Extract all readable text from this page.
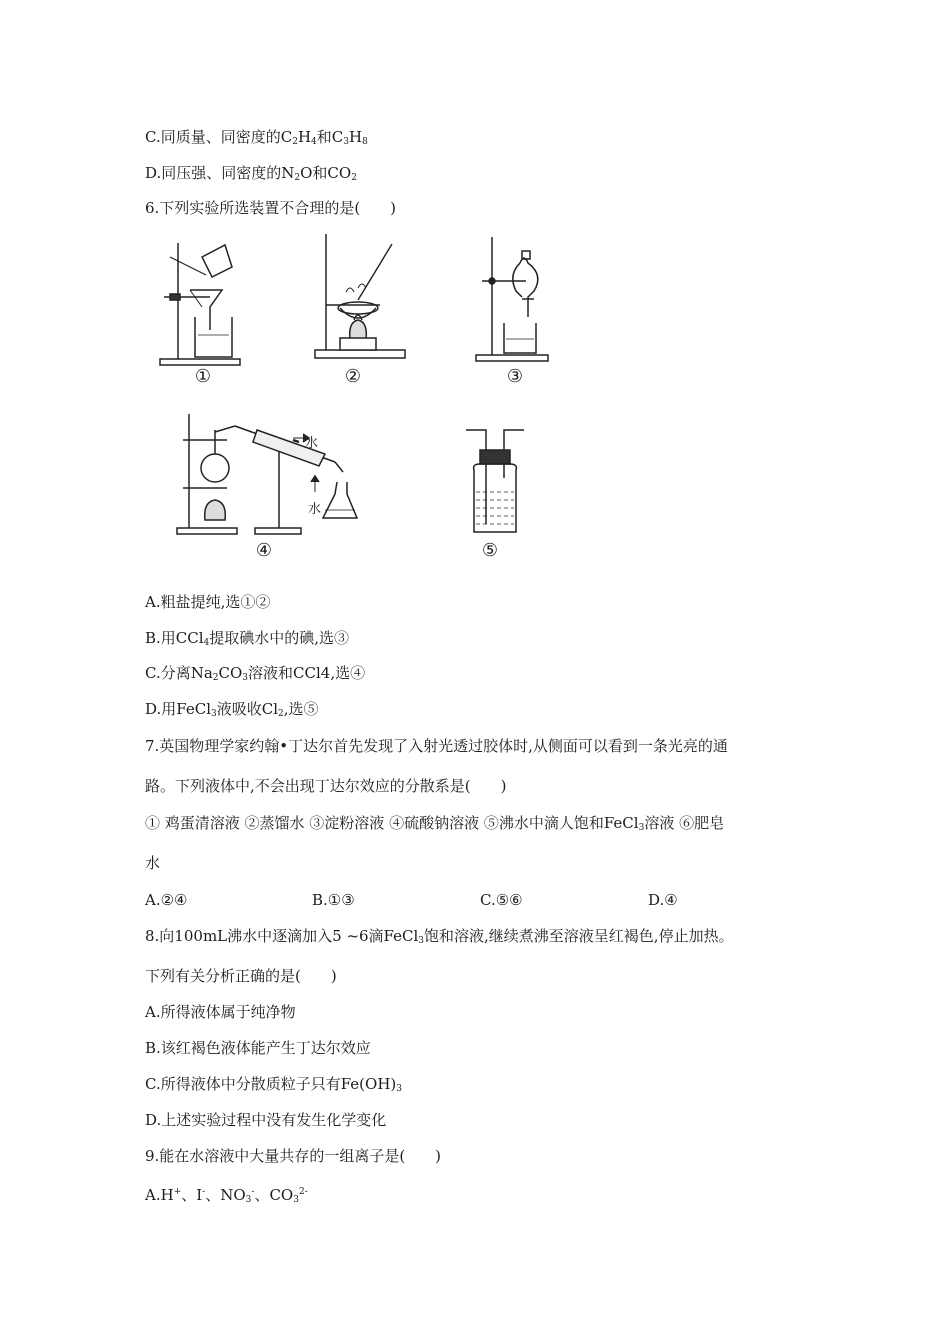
C.同质量、同密度的$C_2H_4$和$C_3H_8$
D.同压强、同密度的$N_2O$和$CO_2$
6.下列实验所选装置不合理的是(　　)
①	②	③
水
水
④	⑤
A.粗盐提纯,选①②
B.用CCl$_4$提取碘水中的碘,选③
C.分离$Na_2CO_3$溶液和CCl4,选④
D.用FeCl$_3$液吸收$Cl_2$,选⑤
7.英国物理学家约翰•丁达尔首先发现了入射光透过胶体时,从侧面可以看到一条光亮的通
路。下列液体中,不会出现丁达尔效应的分散系是(　　)
① 鸡蛋清溶液 ②蒸馏水 ③淀粉溶液 ④硫酸钠溶液 ⑤沸水中滴人饱和FeCl$_3$溶液 ⑥肥皂
水
A.②④	B.①③	C.⑤⑥	D.④
8.向100mL沸水中逐滴加入5 ~6滴FeCl$_3$饱和溶液,继续煮沸至溶液呈红褐色,停止加热。
下列有关分析正确的是(　　)
A.所得液体属于纯净物
B.该红褐色液体能产生丁达尔效应
C.所得液体中分散质粒子只有$Fe(OH)_3$
D.上述实验过程中没有发生化学变化
9.能在水溶液中大量共存的一组离子是(　　)
A.H+、I-、$NO_3^-$、$CO_3^{2-}$
